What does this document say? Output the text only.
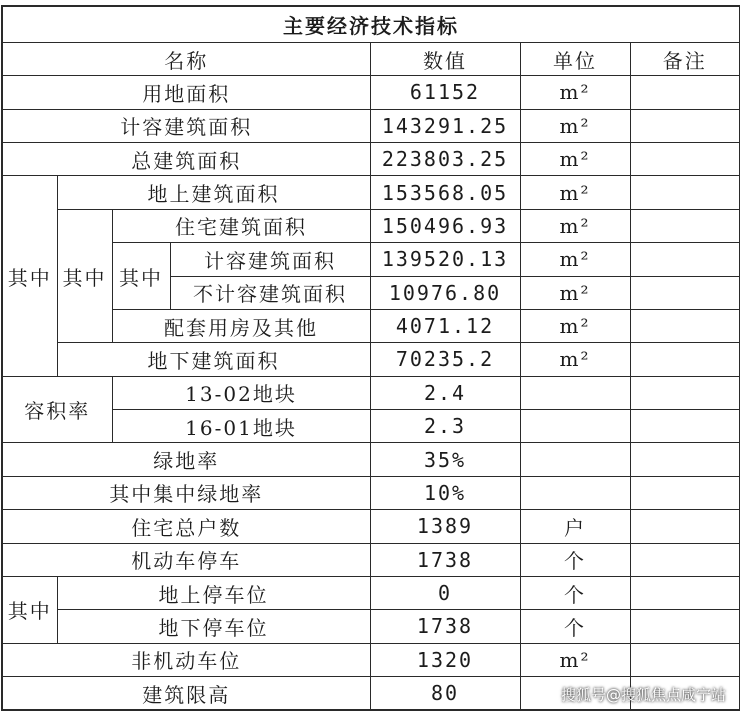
主要经济技术指标						
名称				数值	单位	备注
用地面积				61152	m²	
计容建筑面积				143291.25	m²	
总建筑面积				223803.25	m²	
其中	地上建筑面积			153568.05	m²	
	其中	住宅建筑面积		150496.93	m²	
		其中	计容建筑面积	139520.13	m²	
			不计容建筑面积	10976.80	m²	
		配套用房及其他		4071.12	m²	
	地下建筑面积			70235.2	m²	
容积率		13-02地块		2.4		
		16-01地块		2.3		
绿地率				35%		
其中集中绿地率				10%		
住宅总户数				1389	户	
机动车停车				1738	个	
其中	地上停车位			0	个	
	地下停车位			1738	个	
非机动车位				1320	m²	
建筑限高				80			搜狐号@搜狐焦点咸宁站
